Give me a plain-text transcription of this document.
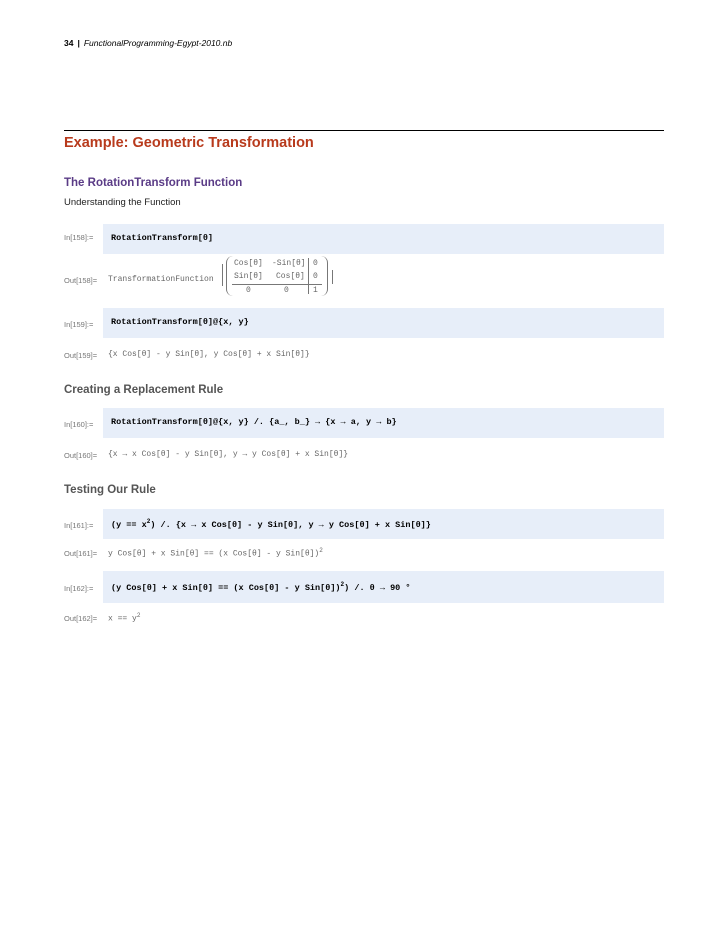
34 | FunctionalProgramming-Egypt-2010.nb
Example: Geometric Transformation
The RotationTransform Function
Understanding the Function
In[158]:= RotationTransform[θ]
Out[158]= TransformationFunction
Cos[θ] -Sin[θ] 0
Sin[θ] Cos[θ] 0
0	0	1
In[159]:= RotationTransform[θ]@{x, y}
Out[159]= {x Cos[θ] - y Sin[θ], y Cos[θ] + x Sin[θ]}
Creating a Replacement Rule
In[160]:= RotationTransform[θ]@{x, y} /. {a_, b_} → {x → a, y → b}
Out[160]= {x → x Cos[θ] - y Sin[θ], y → y Cos[θ] + x Sin[θ]}
Testing Our Rule
In[161]:= $(y == x^2)$ /. {x → x Cos[θ] - y Sin[θ], y → y Cos[θ] + x Sin[θ]}
Out[161]= y Cos[θ] + x Sin[θ] == (x Cos[θ] - y Sin[θ])$^2$
In[162]:= (y Cos[θ] + x Sin[θ] == (x Cos[θ] - y Sin[θ])$^2$) /. θ → 90 °
$Out[162]= x == y^2$
